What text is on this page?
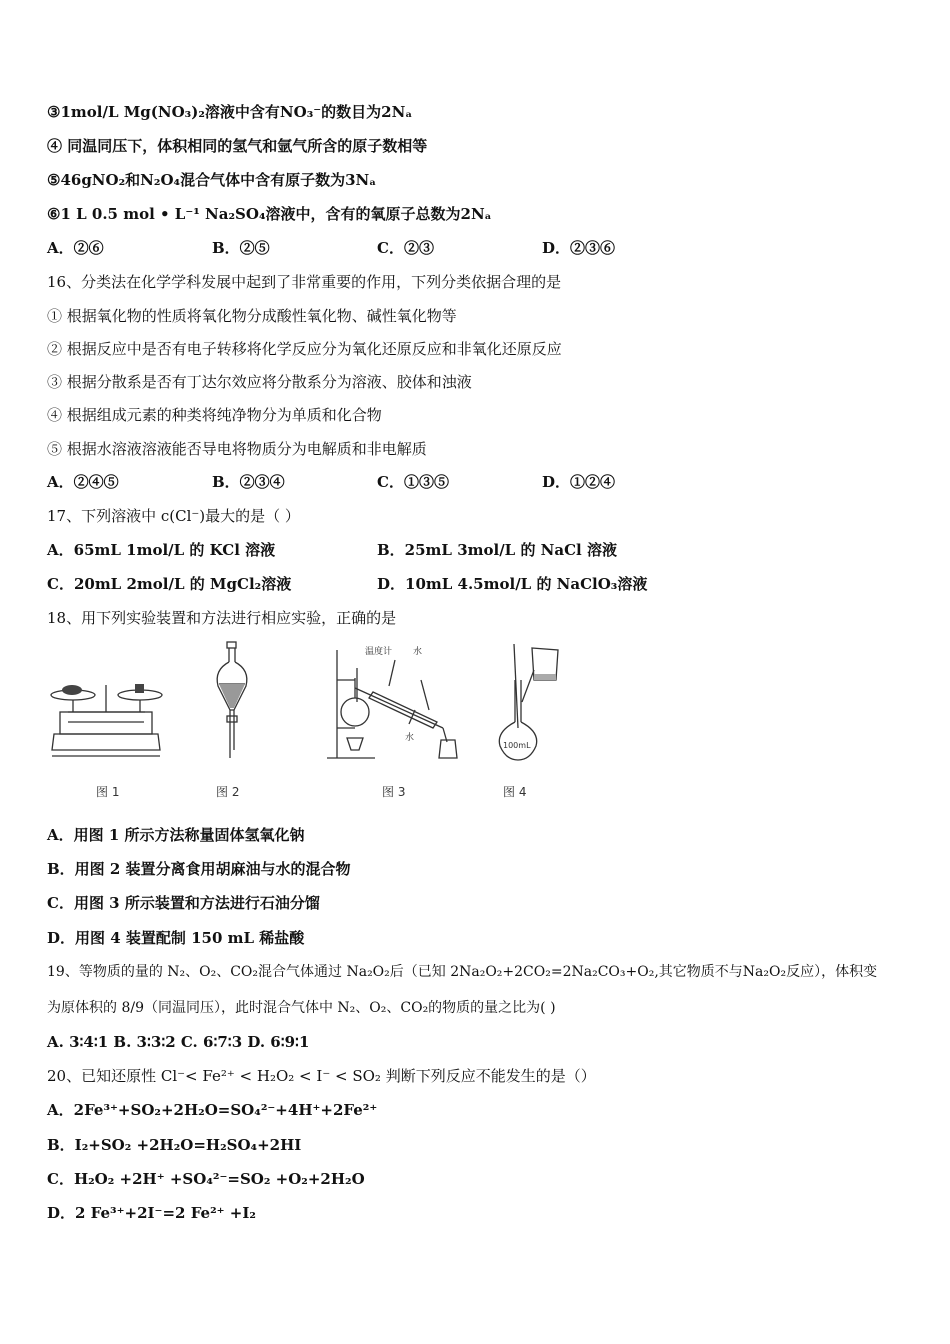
③1mol/L Mg(NO₃)₂溶液中含有NO₃⁻的数目为2Nₐ
④ 同温同压下，体积相同的氢气和氩气所含的原子数相等
⑤46gNO₂和N₂O₄混合气体中含有原子数为3Nₐ
⑥1 L 0.5 mol • L⁻¹ Na₂SO₄溶液中，含有的氧原子总数为2Nₐ
A．②⑥	B．②⑤	C．②③	D．②③⑥
16、分类法在化学学科发展中起到了非常重要的作用，下列分类依据合理的是
① 根据氧化物的性质将氧化物分成酸性氧化物、碱性氧化物等
② 根据反应中是否有电子转移将化学反应分为氧化还原反应和非氧化还原反应
③ 根据分散系是否有丁达尔效应将分散系分为溶液、胶体和浊液
④ 根据组成元素的种类将纯净物分为单质和化合物
⑤ 根据水溶液溶液能否导电将物质分为电解质和非电解质
A．②④⑤	B．②③④	C．①③⑤	D．①②④
17、下列溶液中 c(Cl⁻)最大的是（ ）
A．65mL 1mol/L 的 KCl 溶液	B．25mL 3mol/L 的 NaCl 溶液
C．20mL 2mol/L 的 MgCl₂溶液	D．10mL 4.5mol/L 的 NaClO₃溶液
18、用下列实验装置和方法进行相应实验，正确的是
温度计 水
水
100mL
图 1	图 2	图 3	图 4
A．用图 1 所示方法称量固体氢氧化钠
B．用图 2 装置分离食用胡麻油与水的混合物
C．用图 3 所示装置和方法进行石油分馏
D．用图 4 装置配制 150 mL 稀盐酸
19、等物质的量的 N₂、O₂、CO₂混合气体通过 Na₂O₂后（已知 2Na₂O₂+2CO₂=2Na₂CO₃+O₂,其它物质不与Na₂O₂反应），体积变
为原体积的 8/9（同温同压），此时混合气体中 N₂、O₂、CO₂的物质的量之比为( )
A. 3∶4∶1 B. 3∶3∶2 C. 6∶7∶3 D. 6∶9∶1
20、已知还原性 Cl⁻< Fe²⁺ < H₂O₂ < I⁻ < SO₂ 判断下列反应不能发生的是（）
A．2Fe³⁺+SO₂+2H₂O=SO₄²⁻+4H⁺+2Fe²⁺
B．I₂+SO₂ +2H₂O=H₂SO₄+2HI
C．H₂O₂ +2H⁺ +SO₄²⁻=SO₂ +O₂+2H₂O
D．2 Fe³⁺+2I⁻=2 Fe²⁺ +I₂
